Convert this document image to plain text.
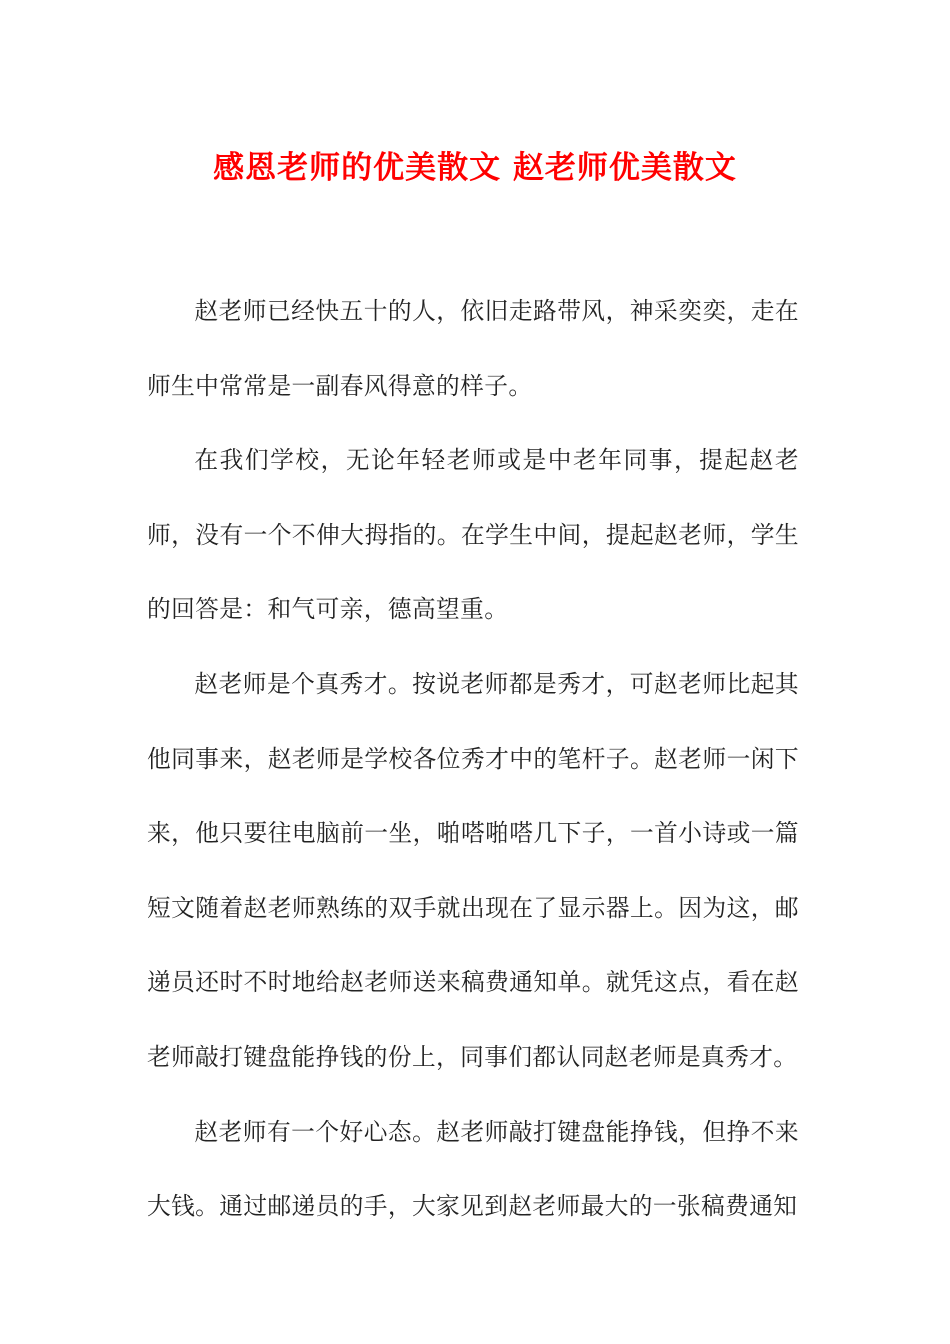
感恩老师的优美散文 赵老师优美散文

赵老师已经快五十的人，依旧走路带风，神采奕奕，走在师生中常常是一副春风得意的样子。

在我们学校，无论年轻老师或是中老年同事，提起赵老师，没有一个不伸大拇指的。在学生中间，提起赵老师，学生的回答是：和气可亲，德高望重。

赵老师是个真秀才。按说老师都是秀才，可赵老师比起其他同事来，赵老师是学校各位秀才中的笔杆子。赵老师一闲下来，他只要往电脑前一坐，啪嗒啪嗒几下子，一首小诗或一篇短文随着赵老师熟练的双手就出现在了显示器上。因为这，邮递员还时不时地给赵老师送来稿费通知单。就凭这点，看在赵老师敲打键盘能挣钱的份上，同事们都认同赵老师是真秀才。

赵老师有一个好心态。赵老师敲打键盘能挣钱，但挣不来大钱。通过邮递员的手，大家见到赵老师最大的一张稿费通知
